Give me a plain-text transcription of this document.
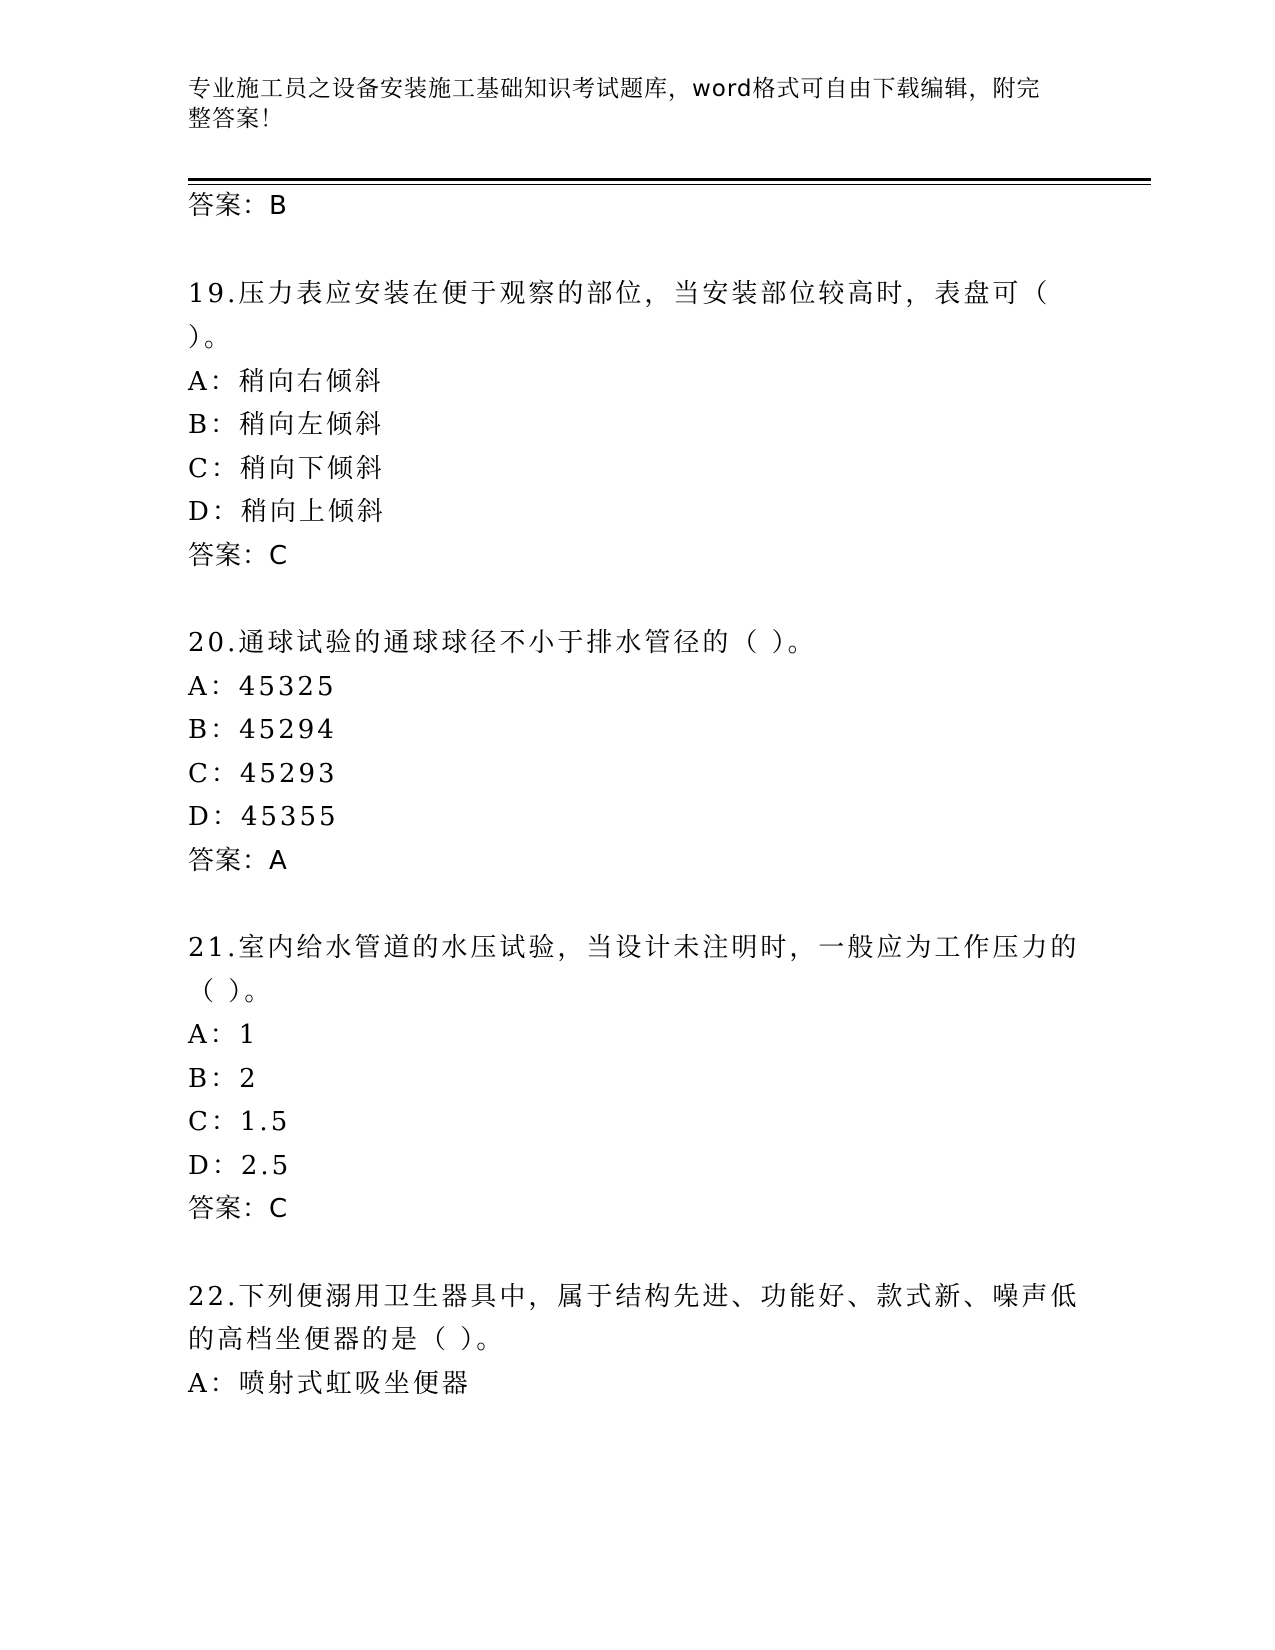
专业施工员之设备安装施工基础知识考试题库，word格式可自由下载编辑，附完
整答案！
答案：B
19.压力表应安装在便于观察的部位，当安装部位较高时，表盘可（
）。
A：稍向右倾斜
B：稍向左倾斜
C：稍向下倾斜
D：稍向上倾斜
答案：C
20.通球试验的通球球径不小于排水管径的（ ）。
A：45325
B：45294
C：45293
D：45355
答案：A
21.室内给水管道的水压试验，当设计未注明时，一般应为工作压力的
（ ）。
A：1
B：2
C：1.5
D：2.5
答案：C
22.下列便溺用卫生器具中，属于结构先进、功能好、款式新、噪声低
的高档坐便器的是（ ）。
A：喷射式虹吸坐便器
